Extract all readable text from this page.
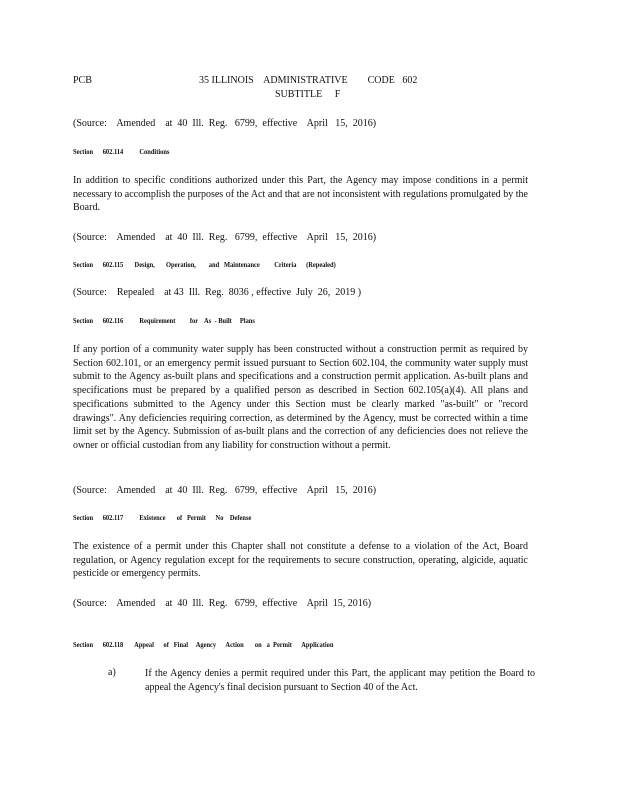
PCB	35 ILLINOIS    ADMINISTRATIVE        CODE   602
SUBTITLE     F
(Source:    Amended    at  40  Ill.  Reg.   6799,  effective    April   15,  2016)
Section      602.114          Conditions
In addition to specific conditions authorized under this Part, the Agency may impose conditions in a permit necessary to accomplish the purposes of the Act and that are not inconsistent with regulations promulgated by the Board.
(Source:    Amended    at  40  Ill.  Reg.   6799,  effective    April   15,  2016)
Section      602.115       Design,       Operation,        and   Maintenance         Criteria      (Repealed)
(Source:    Repealed    at 43  Ill.  Reg.  8036 , effective  July  26,  2019 )
Section      602.116          Requirement         for    As  - Built     Plans
If any portion of a community water supply has been constructed without a construction permit as required by Section 602.101, or an emergency permit issued pursuant to Section 602.104, the community water supply must submit to the Agency as-built plans and specifications and a construction permit application. As-built plans and specifications must be prepared by a qualified person as described in Section 602.105(a)(4). All plans and specifications submitted to the Agency under this Section must be clearly marked "as-built" or "record drawings". Any deficiencies requiring correction, as determined by the Agency, must be corrected within a time limit set by the Agency. Submission of as-built plans and the correction of any deficiencies does not relieve the owner or official custodian from any liability for construction without a permit.
(Source:    Amended    at  40  Ill.  Reg.   6799,  effective    April   15,  2016)
Section      602.117          Existence       of   Permit      No    Defense
The existence of a permit under this Chapter shall not constitute a defense to a violation of the Act, Board regulation, or Agency regulation except for the requirements to secure construction, operating, algicide, aquatic pesticide or emergency permits.
(Source:    Amended    at  40  Ill.  Reg.   6799,  effective    April  15, 2016)
Section      602.118       Appeal      of   Final     Agency      Action       on   a  Permit      Application
a)	If the Agency denies a permit required under this Part, the applicant may petition the Board to appeal the Agency's final decision pursuant to Section 40 of the Act.
